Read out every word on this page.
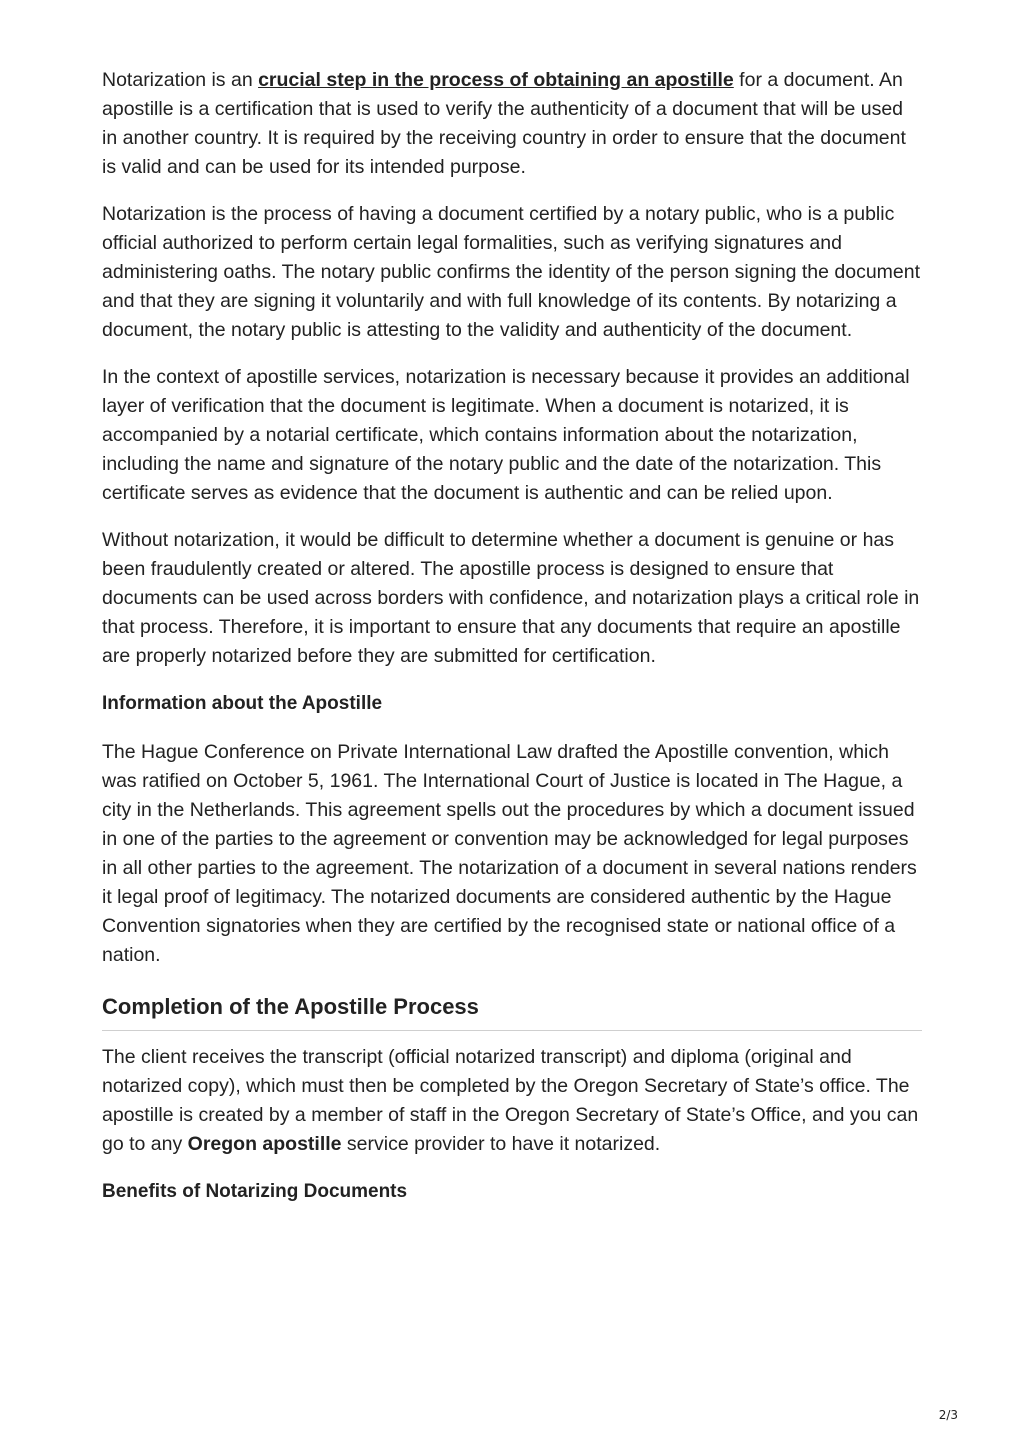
Notarization is an crucial step in the process of obtaining an apostille for a document. An apostille is a certification that is used to verify the authenticity of a document that will be used in another country. It is required by the receiving country in order to ensure that the document is valid and can be used for its intended purpose.

Notarization is the process of having a document certified by a notary public, who is a public official authorized to perform certain legal formalities, such as verifying signatures and administering oaths. The notary public confirms the identity of the person signing the document and that they are signing it voluntarily and with full knowledge of its contents. By notarizing a document, the notary public is attesting to the validity and authenticity of the document.

In the context of apostille services, notarization is necessary because it provides an additional layer of verification that the document is legitimate. When a document is notarized, it is accompanied by a notarial certificate, which contains information about the notarization, including the name and signature of the notary public and the date of the notarization. This certificate serves as evidence that the document is authentic and can be relied upon.

Without notarization, it would be difficult to determine whether a document is genuine or has been fraudulently created or altered. The apostille process is designed to ensure that documents can be used across borders with confidence, and notarization plays a critical role in that process. Therefore, it is important to ensure that any documents that require an apostille are properly notarized before they are submitted for certification.

Information about the Apostille

The Hague Conference on Private International Law drafted the Apostille convention, which was ratified on October 5, 1961. The International Court of Justice is located in The Hague, a city in the Netherlands. This agreement spells out the procedures by which a document issued in one of the parties to the agreement or convention may be acknowledged for legal purposes in all other parties to the agreement. The notarization of a document in several nations renders it legal proof of legitimacy. The notarized documents are considered authentic by the Hague Convention signatories when they are certified by the recognised state or national office of a nation.

Completion of the Apostille Process

The client receives the transcript (official notarized transcript) and diploma (original and notarized copy), which must then be completed by the Oregon Secretary of State’s office. The apostille is created by a member of staff in the Oregon Secretary of State’s Office, and you can go to any Oregon apostille service provider to have it notarized.

Benefits of Notarizing Documents
2/3
